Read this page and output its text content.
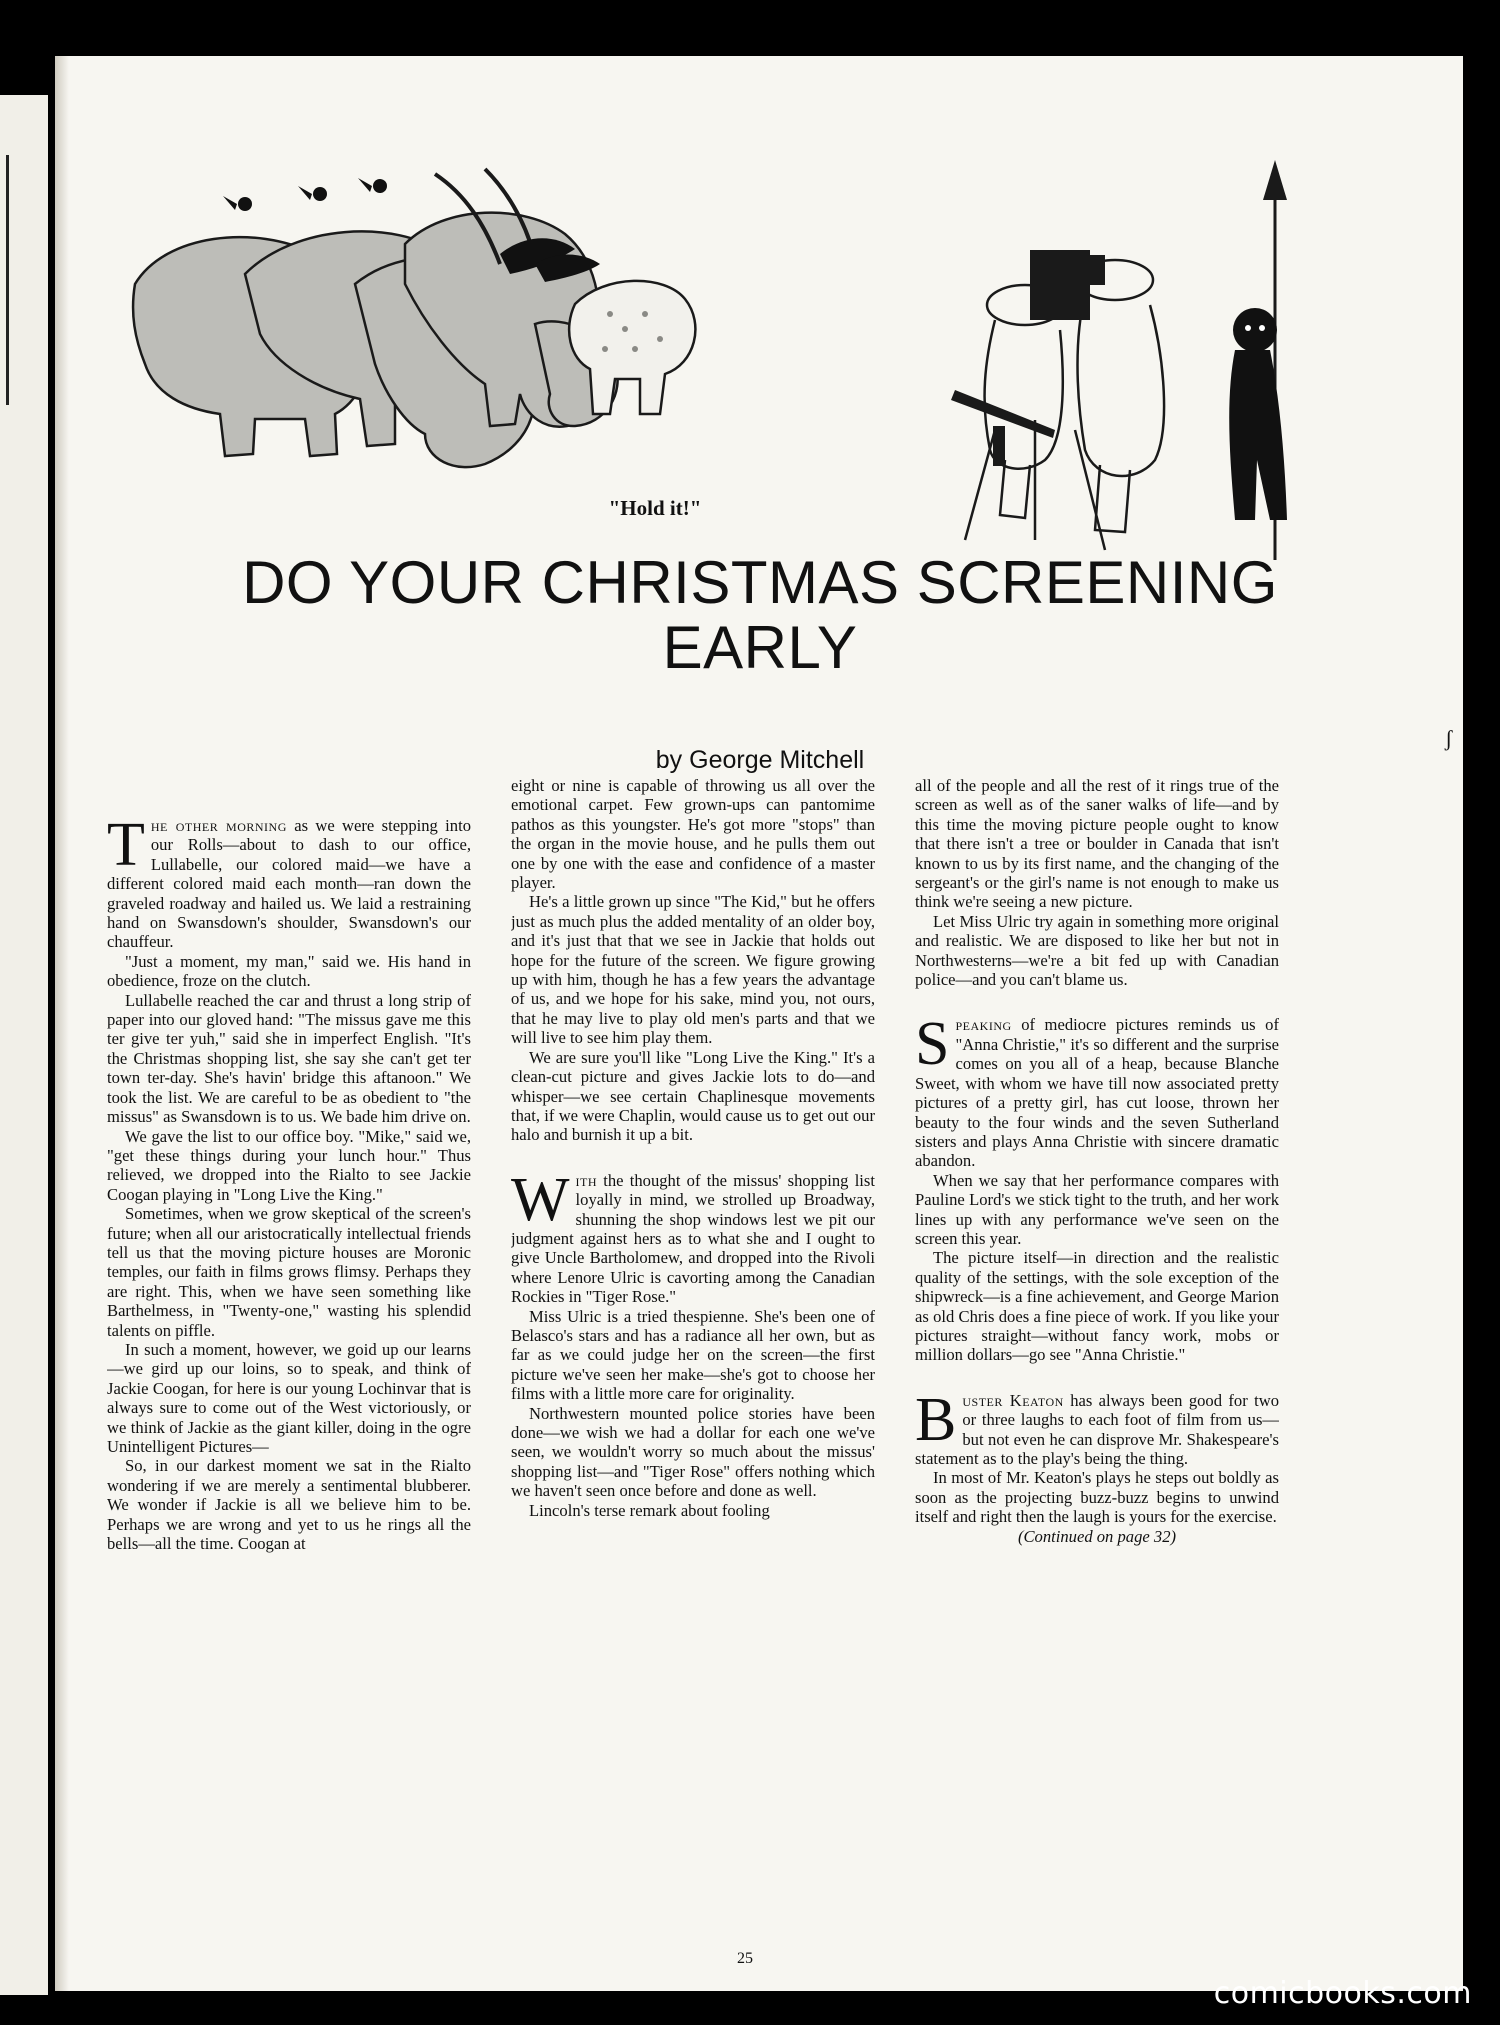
"Hold it!"
DO YOUR CHRISTMAS SCREENING
EARLY
by George Mitchell

The other morning as we were stepping into our Rolls—about to dash to our office, Lullabelle, our colored maid—we have a different colored maid each month—ran down the graveled roadway and hailed us. We laid a restraining hand on Swansdown's shoulder, Swansdown's our chauffeur.

"Just a moment, my man," said we. His hand in obedience, froze on the clutch.

Lullabelle reached the car and thrust a long strip of paper into our gloved hand: "The missus gave me this ter give ter yuh," said she in imperfect English. "It's the Christmas shopping list, she say she can't get ter town ter-day. She's havin' bridge this aftanoon." We took the list. We are careful to be as obedient to "the missus" as Swansdown is to us. We bade him drive on.

We gave the list to our office boy. "Mike," said we, "get these things during your lunch hour." Thus relieved, we dropped into the Rialto to see Jackie Coogan playing in "Long Live the King."

Sometimes, when we grow skeptical of the screen's future; when all our aristocratically intellectual friends tell us that the moving picture houses are Moronic temples, our faith in films grows flimsy. Perhaps they are right. This, when we have seen something like Barthelmess, in "Twenty-one," wasting his splendid talents on piffle.

In such a moment, however, we goid up our learns—we gird up our loins, so to speak, and think of Jackie Coogan, for here is our young Lochinvar that is always sure to come out of the West victoriously, or we think of Jackie as the giant killer, doing in the ogre Unintelligent Pictures—

So, in our darkest moment we sat in the Rialto wondering if we are merely a sentimental blubberer. We wonder if Jackie is all we believe him to be. Perhaps we are wrong and yet to us he rings all the bells—all the time. Coogan at

eight or nine is capable of throwing us all over the emotional carpet. Few grown-ups can pantomime pathos as this youngster. He's got more "stops" than the organ in the movie house, and he pulls them out one by one with the ease and confidence of a master player.

He's a little grown up since "The Kid," but he offers just as much plus the added mentality of an older boy, and it's just that that we see in Jackie that holds out hope for the future of the screen. We figure growing up with him, though he has a few years the advantage of us, and we hope for his sake, mind you, not ours, that he may live to play old men's parts and that we will live to see him play them.

We are sure you'll like "Long Live the King." It's a clean-cut picture and gives Jackie lots to do—and whisper—we see certain Chaplinesque movements that, if we were Chaplin, would cause us to get out our halo and burnish it up a bit.

With the thought of the missus' shopping list loyally in mind, we strolled up Broadway, shunning the shop windows lest we pit our judgment against hers as to what she and I ought to give Uncle Bartholomew, and dropped into the Rivoli where Lenore Ulric is cavorting among the Canadian Rockies in "Tiger Rose."

Miss Ulric is a tried thespienne. She's been one of Belasco's stars and has a radiance all her own, but as far as we could judge her on the screen—the first picture we've seen her make—she's got to choose her films with a little more care for originality.

Northwestern mounted police stories have been done—we wish we had a dollar for each one we've seen, we wouldn't worry so much about the missus' shopping list—and "Tiger Rose" offers nothing which we haven't seen once before and done as well.

Lincoln's terse remark about fooling

all of the people and all the rest of it rings true of the screen as well as of the saner walks of life—and by this time the moving picture people ought to know that there isn't a tree or boulder in Canada that isn't known to us by its first name, and the changing of the sergeant's or the girl's name is not enough to make us think we're seeing a new picture.

Let Miss Ulric try again in something more original and realistic. We are disposed to like her but not in Northwesterns—we're a bit fed up with Canadian police—and you can't blame us.

Speaking of mediocre pictures reminds us of "Anna Christie," it's so different and the surprise comes on you all of a heap, because Blanche Sweet, with whom we have till now associated pretty pictures of a pretty girl, has cut loose, thrown her beauty to the four winds and the seven Sutherland sisters and plays Anna Christie with sincere dramatic abandon.

When we say that her performance compares with Pauline Lord's we stick tight to the truth, and her work lines up with any performance we've seen on the screen this year.

The picture itself—in direction and the realistic quality of the settings, with the sole exception of the shipwreck—is a fine achievement, and George Marion as old Chris does a fine piece of work. If you like your pictures straight—without fancy work, mobs or million dollars—go see "Anna Christie."

Buster Keaton has always been good for two or three laughs to each foot of film from us—but not even he can disprove Mr. Shakespeare's statement as to the play's being the thing.

In most of Mr. Keaton's plays he steps out boldly as soon as the projecting buzz-buzz begins to unwind itself and right then the laugh is yours for the exercise.

(Continued on page 32)

ʃ
25
comicbooks.com
